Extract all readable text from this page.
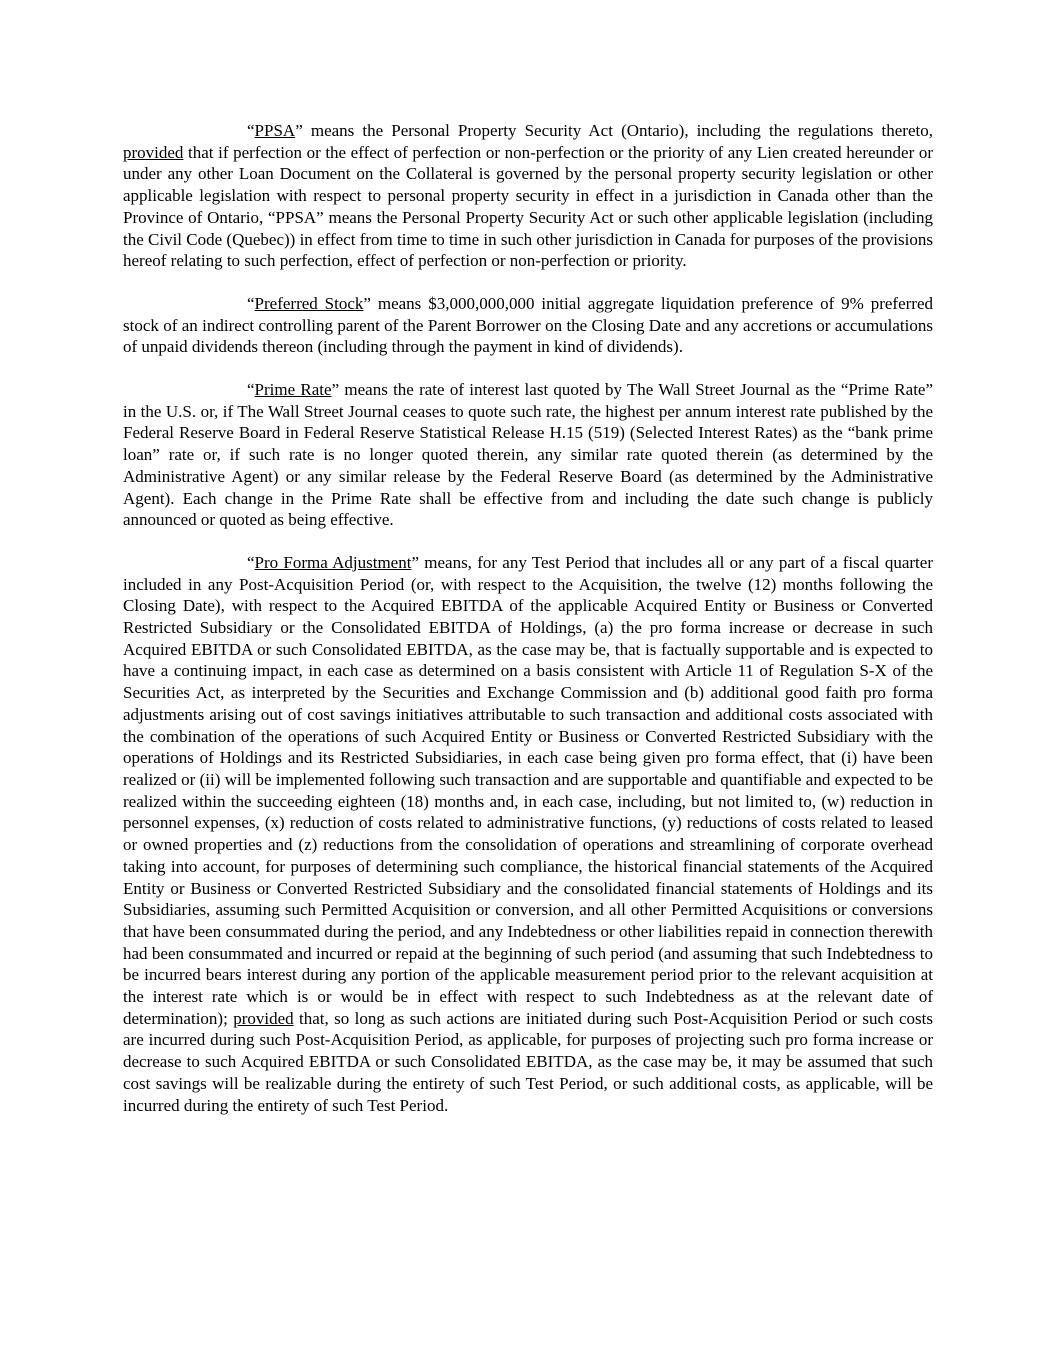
“PPSA” means the Personal Property Security Act (Ontario), including the regulations thereto, provided that if perfection or the effect of perfection or non-perfection or the priority of any Lien created hereunder or under any other Loan Document on the Collateral is governed by the personal property security legislation or other applicable legislation with respect to personal property security in effect in a jurisdiction in Canada other than the Province of Ontario, “PPSA” means the Personal Property Security Act or such other applicable legislation (including the Civil Code (Quebec)) in effect from time to time in such other jurisdiction in Canada for purposes of the provisions hereof relating to such perfection, effect of perfection or non-perfection or priority.

“Preferred Stock” means $3,000,000,000 initial aggregate liquidation preference of 9% preferred stock of an indirect controlling parent of the Parent Borrower on the Closing Date and any accretions or accumulations of unpaid dividends thereon (including through the payment in kind of dividends).

“Prime Rate” means the rate of interest last quoted by The Wall Street Journal as the “Prime Rate” in the U.S. or, if The Wall Street Journal ceases to quote such rate, the highest per annum interest rate published by the Federal Reserve Board in Federal Reserve Statistical Release H.15 (519) (Selected Interest Rates) as the “bank prime loan” rate or, if such rate is no longer quoted therein, any similar rate quoted therein (as determined by the Administrative Agent) or any similar release by the Federal Reserve Board (as determined by the Administrative Agent). Each change in the Prime Rate shall be effective from and including the date such change is publicly announced or quoted as being effective.

“Pro Forma Adjustment” means, for any Test Period that includes all or any part of a fiscal quarter included in any Post-Acquisition Period (or, with respect to the Acquisition, the twelve (12) months following the Closing Date), with respect to the Acquired EBITDA of the applicable Acquired Entity or Business or Converted Restricted Subsidiary or the Consolidated EBITDA of Holdings, (a) the pro forma increase or decrease in such Acquired EBITDA or such Consolidated EBITDA, as the case may be, that is factually supportable and is expected to have a continuing impact, in each case as determined on a basis consistent with Article 11 of Regulation S-X of the Securities Act, as interpreted by the Securities and Exchange Commission and (b) additional good faith pro forma adjustments arising out of cost savings initiatives attributable to such transaction and additional costs associated with the combination of the operations of such Acquired Entity or Business or Converted Restricted Subsidiary with the operations of Holdings and its Restricted Subsidiaries, in each case being given pro forma effect, that (i) have been realized or (ii) will be implemented following such transaction and are supportable and quantifiable and expected to be realized within the succeeding eighteen (18) months and, in each case, including, but not limited to, (w) reduction in personnel expenses, (x) reduction of costs related to administrative functions, (y) reductions of costs related to leased or owned properties and (z) reductions from the consolidation of operations and streamlining of corporate overhead taking into account, for purposes of determining such compliance, the historical financial statements of the Acquired Entity or Business or Converted Restricted Subsidiary and the consolidated financial statements of Holdings and its Subsidiaries, assuming such Permitted Acquisition or conversion, and all other Permitted Acquisitions or conversions that have been consummated during the period, and any Indebtedness or other liabilities repaid in connection therewith had been consummated and incurred or repaid at the beginning of such period (and assuming that such Indebtedness to be incurred bears interest during any portion of the applicable measurement period prior to the relevant acquisition at the interest rate which is or would be in effect with respect to such Indebtedness as at the relevant date of determination); provided that, so long as such actions are initiated during such Post-Acquisition Period or such costs are incurred during such Post-Acquisition Period, as applicable, for purposes of projecting such pro forma increase or decrease to such Acquired EBITDA or such Consolidated EBITDA, as the case may be, it may be assumed that such cost savings will be realizable during the entirety of such Test Period, or such additional costs, as applicable, will be incurred during the entirety of such Test Period.
